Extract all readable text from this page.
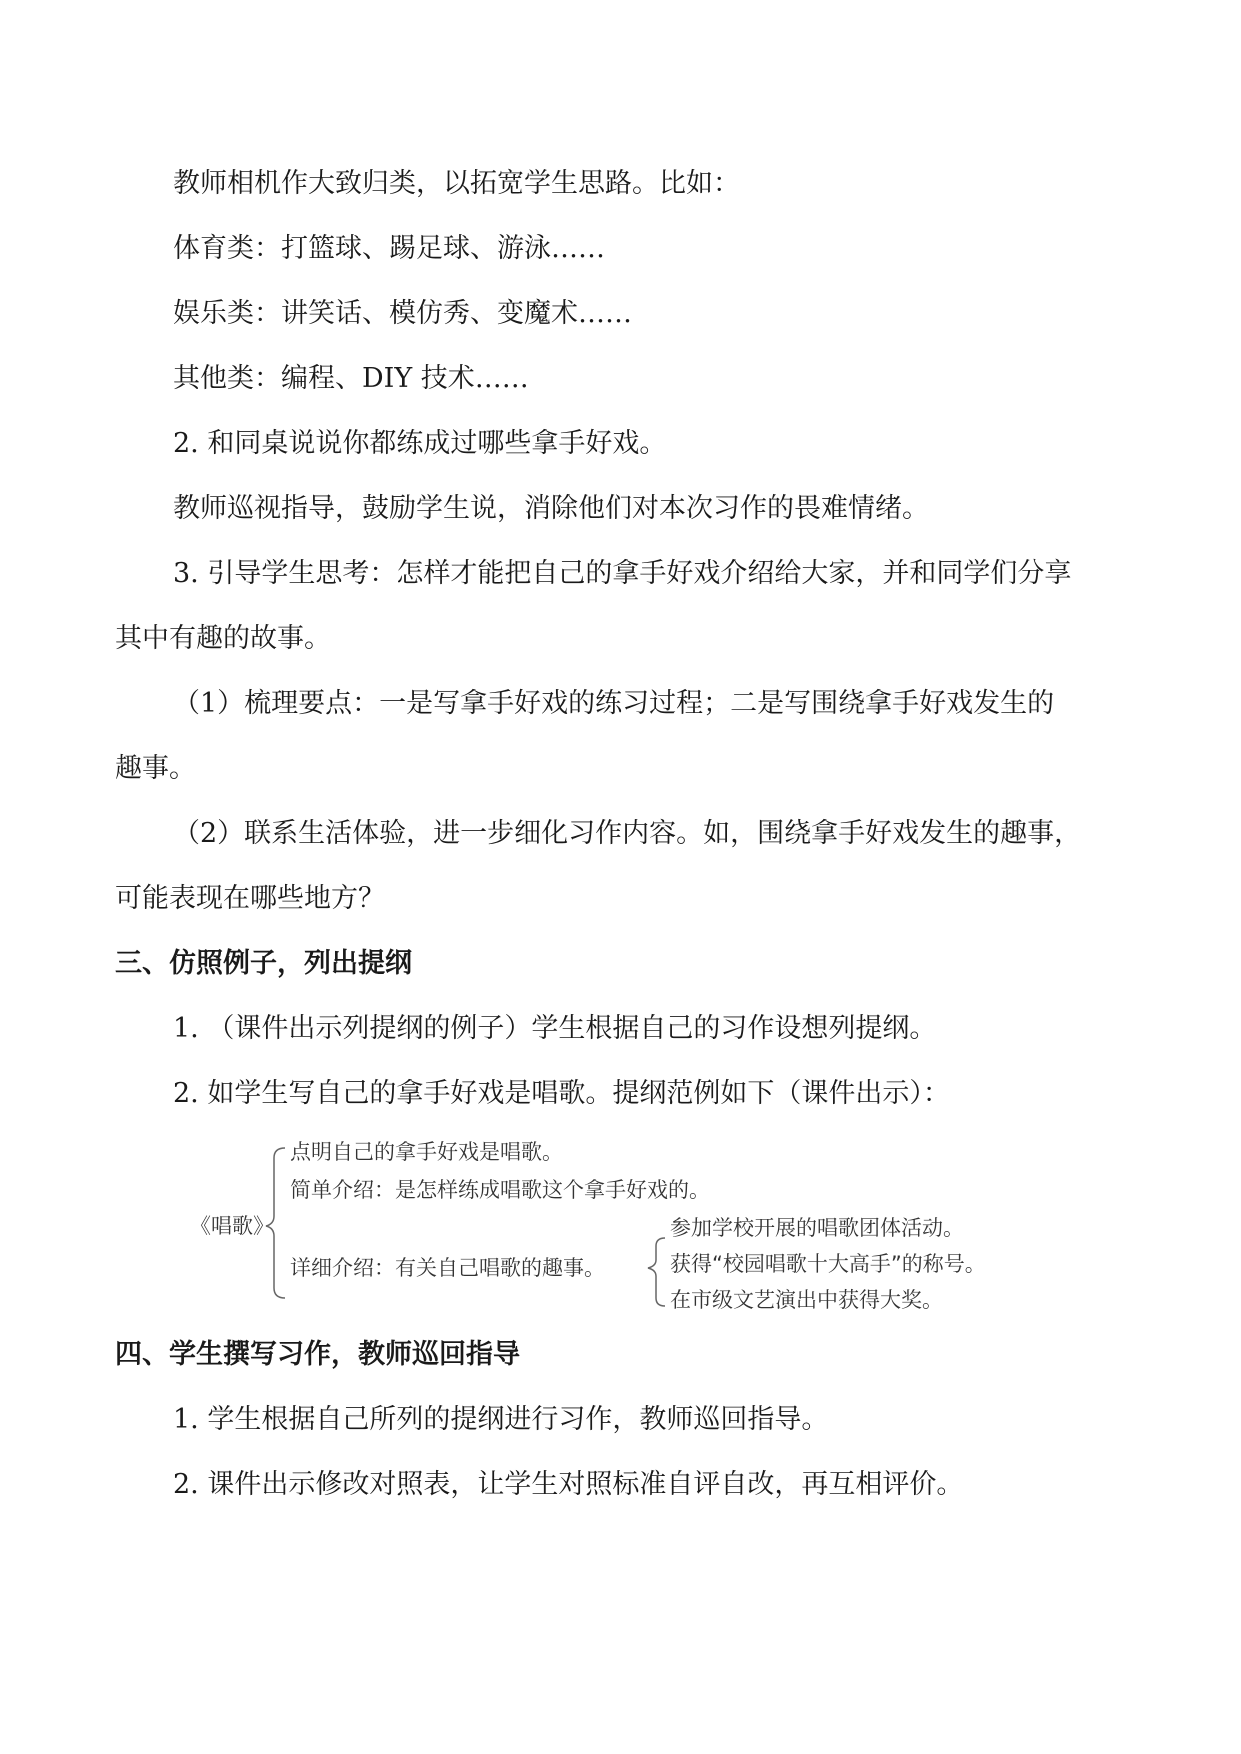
教师相机作大致归类，以拓宽学生思路。比如：
体育类：打篮球、踢足球、游泳……
娱乐类：讲笑话、模仿秀、变魔术……
其他类：编程、DIY 技术……
2. 和同桌说说你都练成过哪些拿手好戏。
教师巡视指导，鼓励学生说，消除他们对本次习作的畏难情绪。
3. 引导学生思考：怎样才能把自己的拿手好戏介绍给大家，并和同学们分享
其中有趣的故事。
（1）梳理要点：一是写拿手好戏的练习过程；二是写围绕拿手好戏发生的
趣事。
（2）联系生活体验，进一步细化习作内容。如，围绕拿手好戏发生的趣事，
可能表现在哪些地方？
三、仿照例子，列出提纲
1. （课件出示列提纲的例子）学生根据自己的习作设想列提纲。
2. 如学生写自己的拿手好戏是唱歌。提纲范例如下（课件出示）：
《唱歌》
点明自己的拿手好戏是唱歌。
简单介绍：是怎样练成唱歌这个拿手好戏的。
详细介绍：有关自己唱歌的趣事。
参加学校开展的唱歌团体活动。
获得“校园唱歌十大高手”的称号。
在市级文艺演出中获得大奖。
四、学生撰写习作，教师巡回指导
1. 学生根据自己所列的提纲进行习作，教师巡回指导。
2. 课件出示修改对照表，让学生对照标准自评自改，再互相评价。
